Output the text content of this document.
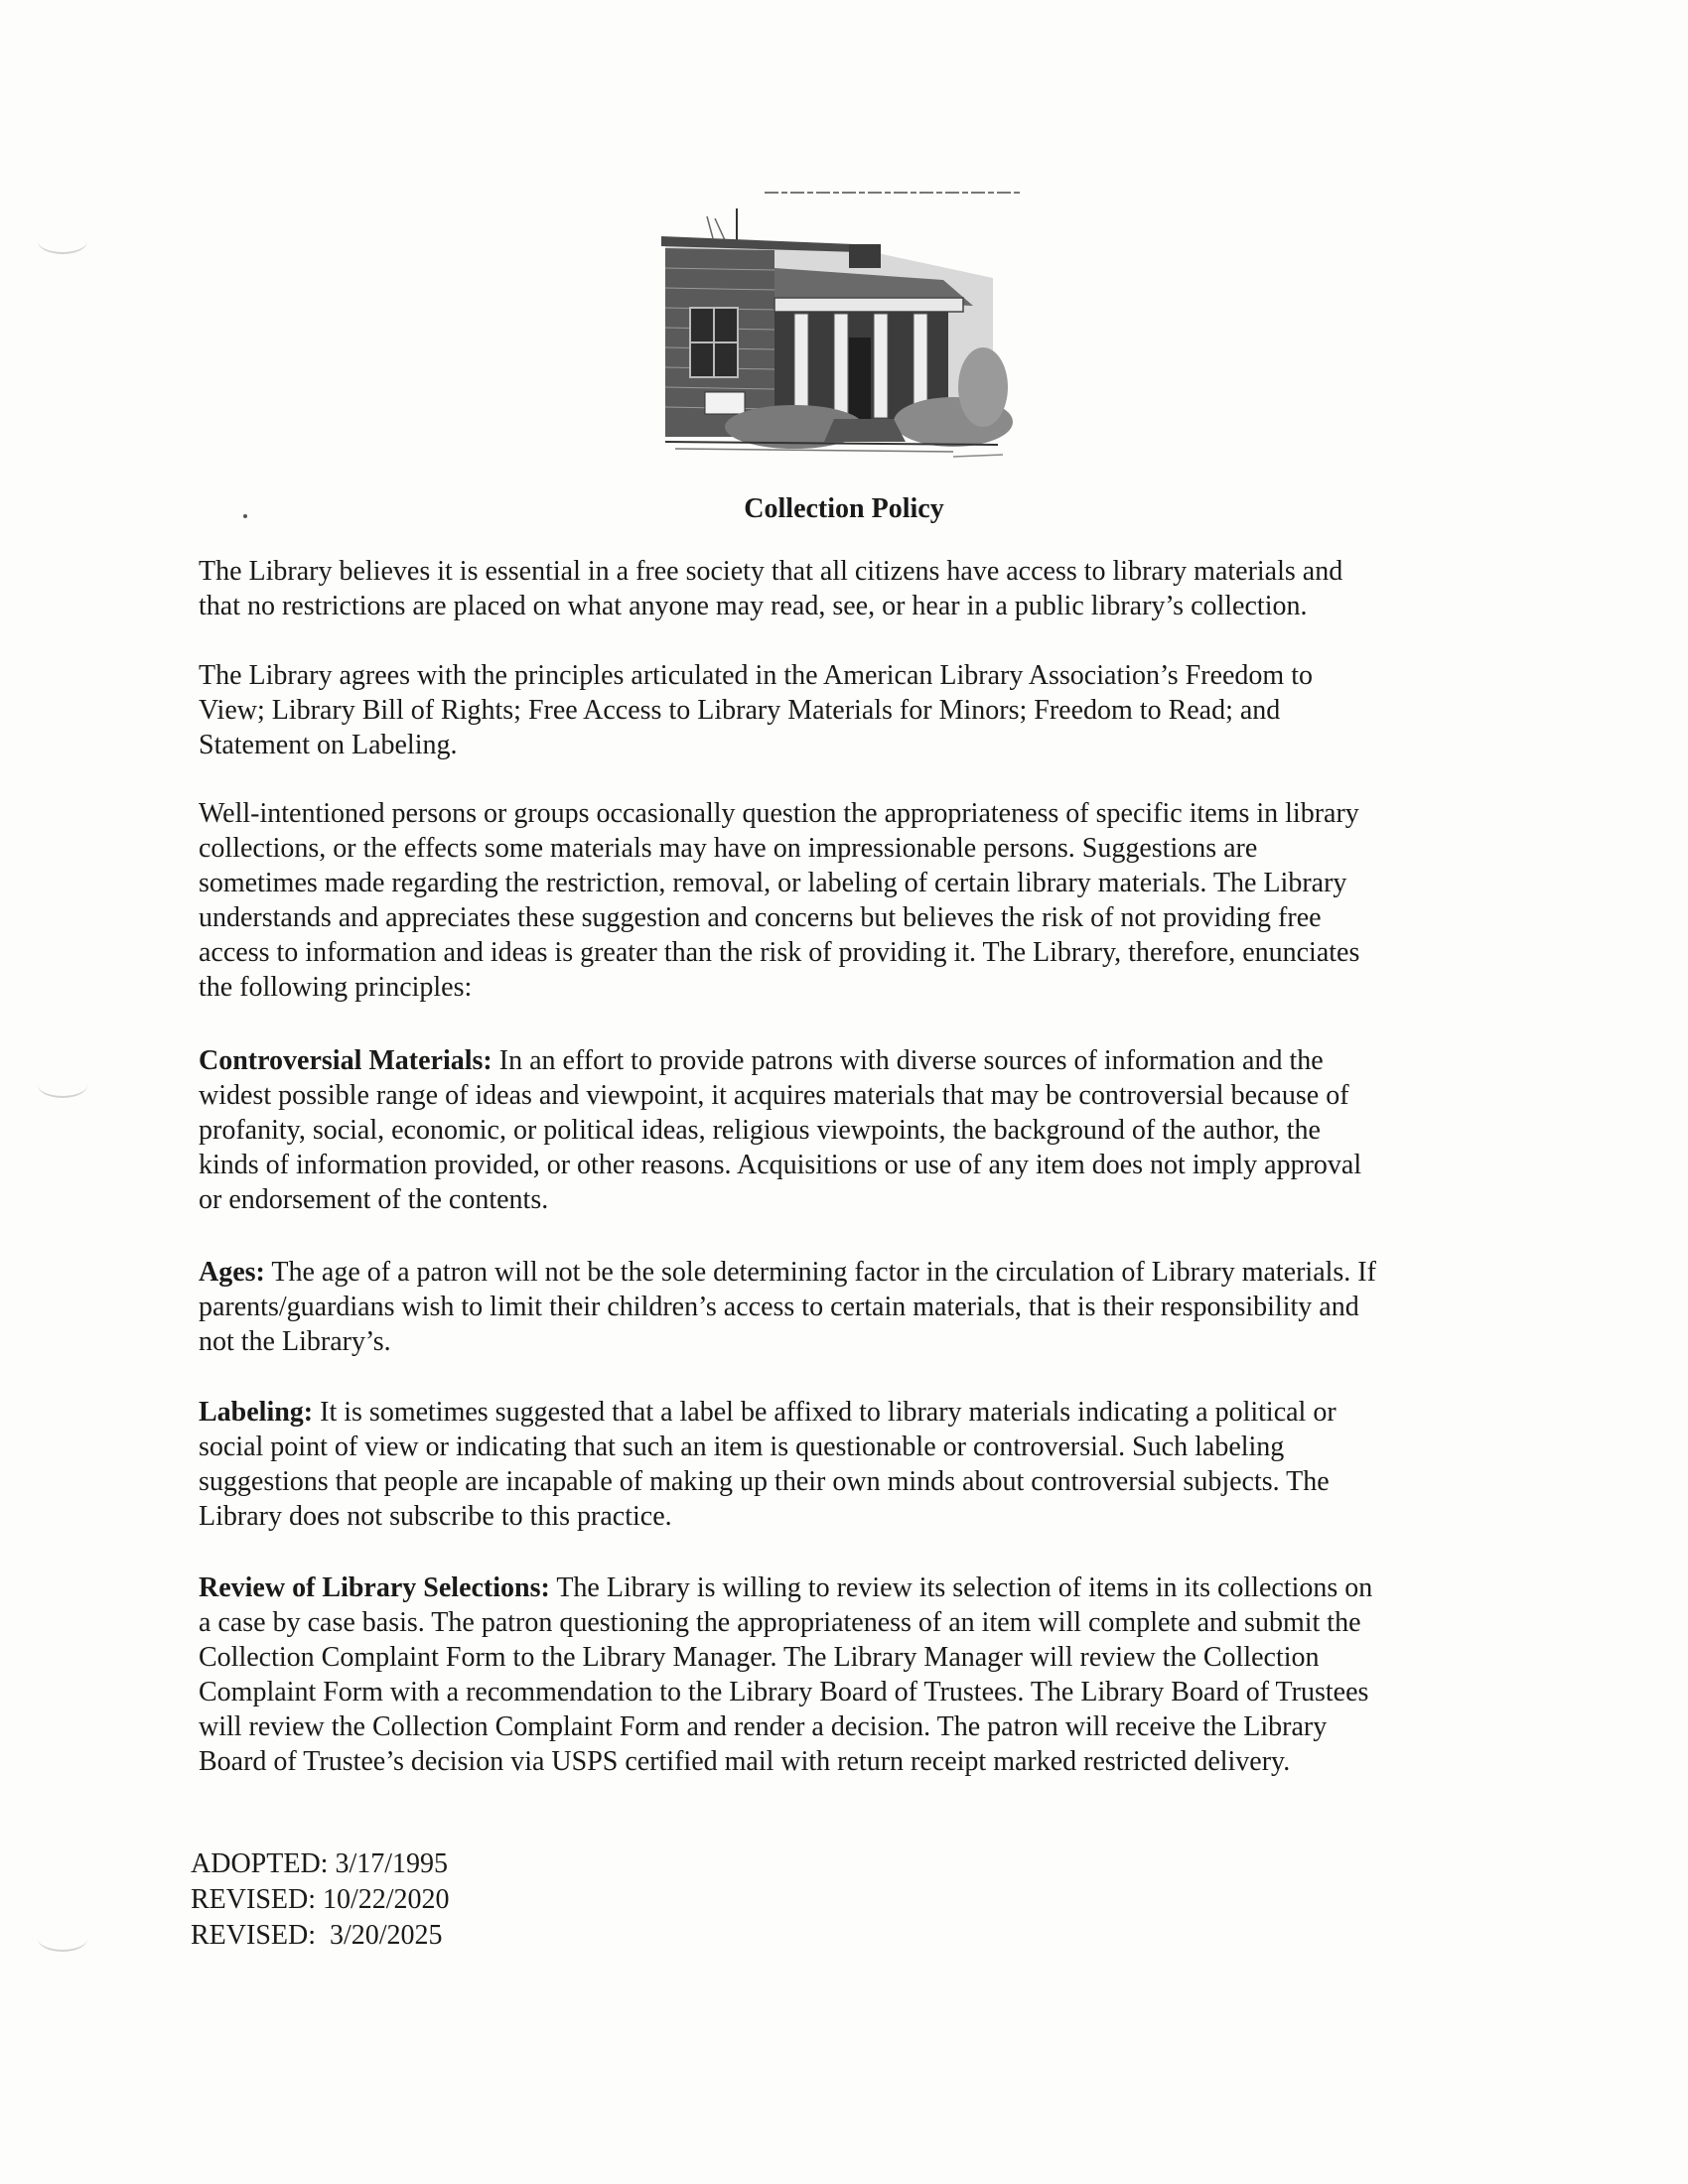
Collection Policy

The Library believes it is essential in a free society that all citizens have access to library materials and
that no restrictions are placed on what anyone may read, see, or hear in a public library’s collection.

The Library agrees with the principles articulated in the American Library Association’s Freedom to
View; Library Bill of Rights; Free Access to Library Materials for Minors; Freedom to Read; and
Statement on Labeling.

Well-intentioned persons or groups occasionally question the appropriateness of specific items in library
collections, or the effects some materials may have on impressionable persons. Suggestions are
sometimes made regarding the restriction, removal, or labeling of certain library materials. The Library
understands and appreciates these suggestion and concerns but believes the risk of not providing free
access to information and ideas is greater than the risk of providing it. The Library, therefore, enunciates
the following principles:

Controversial Materials: In an effort to provide patrons with diverse sources of information and the
widest possible range of ideas and viewpoint, it acquires materials that may be controversial because of
profanity, social, economic, or political ideas, religious viewpoints, the background of the author, the
kinds of information provided, or other reasons. Acquisitions or use of any item does not imply approval
or endorsement of the contents.

Ages: The age of a patron will not be the sole determining factor in the circulation of Library materials. If
parents/guardians wish to limit their children’s access to certain materials, that is their responsibility and
not the Library’s.

Labeling: It is sometimes suggested that a label be affixed to library materials indicating a political or
social point of view or indicating that such an item is questionable or controversial. Such labeling
suggestions that people are incapable of making up their own minds about controversial subjects. The
Library does not subscribe to this practice.

Review of Library Selections: The Library is willing to review its selection of items in its collections on
a case by case basis. The patron questioning the appropriateness of an item will complete and submit the
Collection Complaint Form to the Library Manager. The Library Manager will review the Collection
Complaint Form with a recommendation to the Library Board of Trustees. The Library Board of Trustees
will review the Collection Complaint Form and render a decision. The patron will receive the Library
Board of Trustee’s decision via USPS certified mail with return receipt marked restricted delivery.

ADOPTED: 3/17/1995

REVISED: 10/22/2020

REVISED:  3/20/2025
